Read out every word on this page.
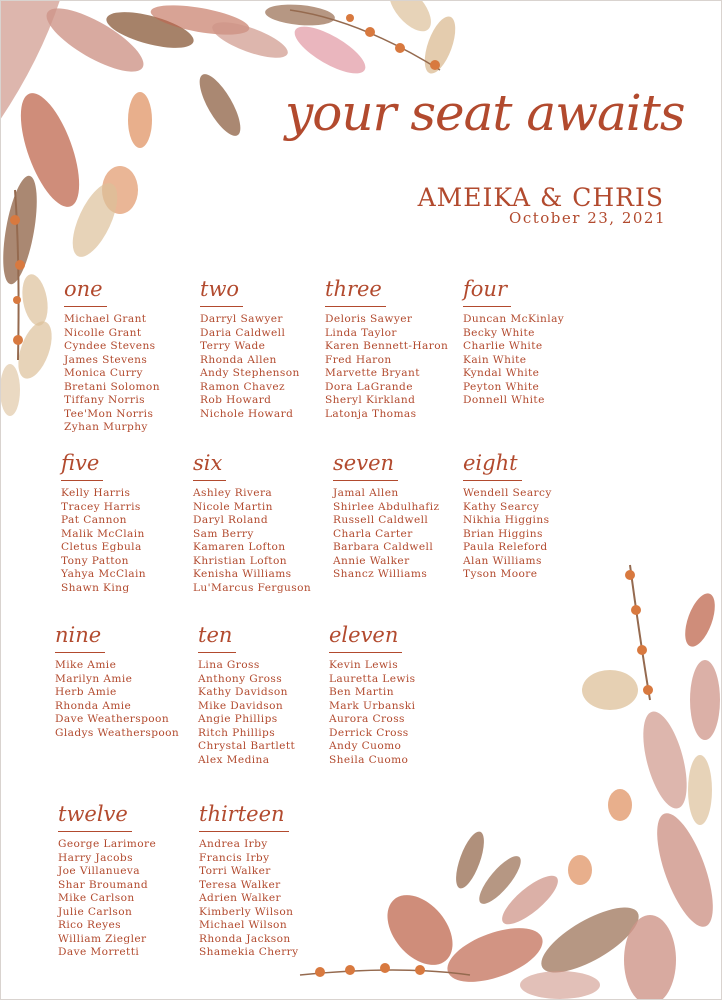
your seat awaits
AMEIKA & CHRIS
October 23, 2021
one
Michael Grant
Nicolle Grant
Cyndee Stevens
James Stevens
Monica Curry
Bretani Solomon
Tiffany Norris
Tee'Mon Norris
Zyhan Murphy
two
Darryl Sawyer
Daria Caldwell
Terry Wade
Rhonda Allen
Andy Stephenson
Ramon Chavez
Rob Howard
Nichole Howard
three
Deloris Sawyer
Linda Taylor
Karen Bennett-Haron
Fred Haron
Marvette Bryant
Dora LaGrande
Sheryl Kirkland
Latonja Thomas
four
Duncan McKinlay
Becky White
Charlie White
Kain White
Kyndal White
Peyton White
Donnell White
five
Kelly Harris
Tracey Harris
Pat Cannon
Malik McClain
Cletus Egbula
Tony Patton
Yahya McClain
Shawn King
six
Ashley Rivera
Nicole Martin
Daryl Roland
Sam Berry
Kamaren Lofton
Khristian Lofton
Kenisha Williams
Lu'Marcus Ferguson
seven
Jamal Allen
Shirlee Abdulhafiz
Russell Caldwell
Charla Carter
Barbara Caldwell
Annie Walker
Shancz Williams
eight
Wendell Searcy
Kathy Searcy
Nikhia Higgins
Brian Higgins
Paula Releford
Alan Williams
Tyson Moore
nine
Mike Amie
Marilyn Amie
Herb Amie
Rhonda Amie
Dave Weatherspoon
Gladys Weatherspoon
ten
Lina Gross
Anthony Gross
Kathy Davidson
Mike Davidson
Angie Phillips
Ritch Phillips
Chrystal Bartlett
Alex Medina
eleven
Kevin Lewis
Lauretta Lewis
Ben Martin
Mark Urbanski
Aurora Cross
Derrick Cross
Andy Cuomo
Sheila Cuomo
twelve
George Larimore
Harry Jacobs
Joe Villanueva
Shar Broumand
Mike Carlson
Julie Carlson
Rico Reyes
William Ziegler
Dave Morretti
thirteen
Andrea Irby
Francis Irby
Torri Walker
Teresa Walker
Adrien Walker
Kimberly Wilson
Michael Wilson
Rhonda Jackson
Shamekia Cherry
